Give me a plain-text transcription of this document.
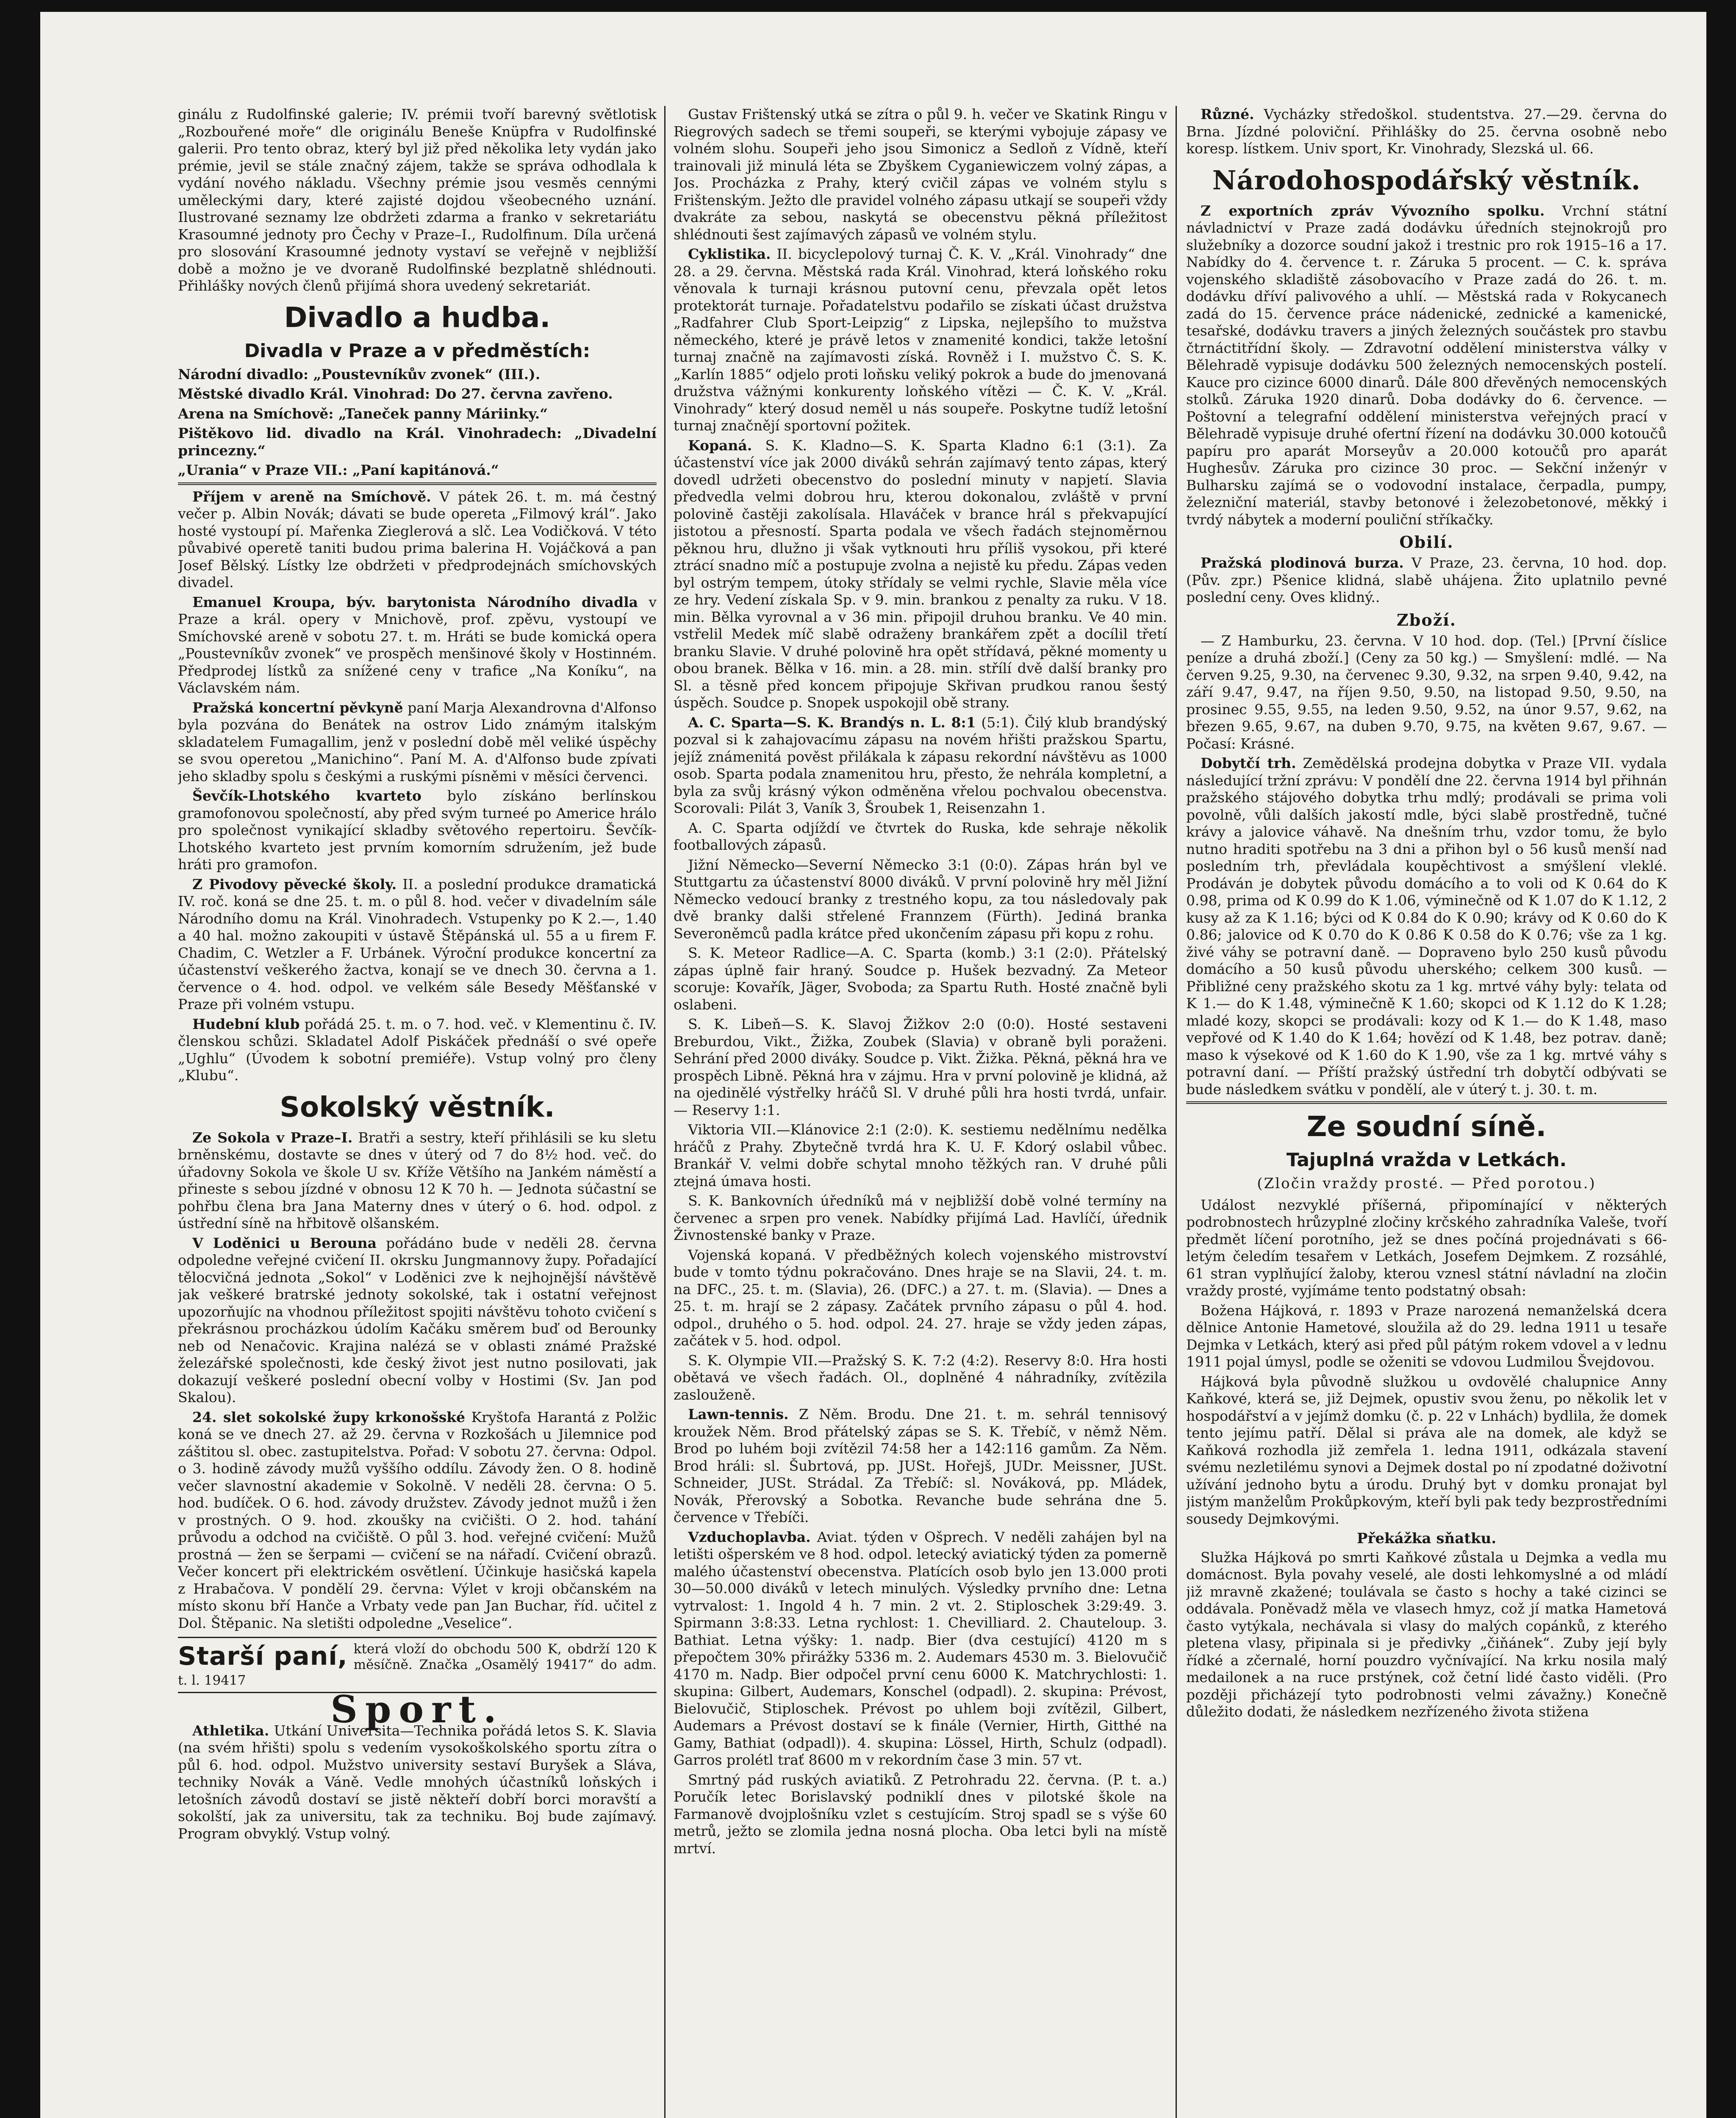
ginálu z Rudolfinské galerie; IV. prémii tvoří barevný světlotisk „Rozbouřené moře“ dle originálu Beneše Knüpfra v Rudolfinské galerii. Pro tento obraz, který byl již před několika lety vydán jako prémie, jevil se stále značný zájem, takže se správa odhodlala k vydání nového nákladu. Všechny prémie jsou vesměs cennými uměleckými dary, které zajisté dojdou všeobecného uznání. Ilustrované seznamy lze obdržeti zdarma a franko v sekretariátu Krasoumné jednoty pro Čechy v Praze–I., Rudolfinum. Díla určená pro slosování Krasoumné jednoty vystaví se veřejně v nejbližší době a možno je ve dvoraně Rudolfinské bezplatně shlédnouti. Přihlášky nových členů přijímá shora uvedený sekretariát.

Divadlo a hudba.
Divadla v Praze a v předměstích:

Národní divadlo: „Poustevníkův zvonek“ (III.).

Městské divadlo Král. Vinohrad: Do 27. června zavřeno.

Arena na Smíchově: „Taneček panny Máriinky.“

Pištěkovo lid. divadlo na Král. Vinohradech: „Divadelní princezny.“

„Urania“ v Praze VII.: „Paní kapitánová.“

Příjem v areně na Smíchově. V pátek 26. t. m. má čestný večer p. Albin Novák; dávati se bude opereta „Filmový král“. Jako hosté vystoupí pí. Mařenka Zieglerová a slč. Lea Vodičková. V této půvabivé operetě taniti budou prima balerina H. Vojáčková a pan Josef Bělský. Lístky lze obdržeti v předprodejnách smíchovských divadel.

Emanuel Kroupa, býv. barytonista Národního divadla v Praze a král. opery v Mnichově, prof. zpěvu, vystoupí ve Smíchovské areně v sobotu 27. t. m. Hráti se bude komická opera „Poustevníkův zvonek“ ve prospěch menšinové školy v Hostinném. Předprodej lístků za snížené ceny v trafice „Na Koníku“, na Václavském nám.

Pražská koncertní pěvkyně paní Marja Alexandrovna d'Alfonso byla pozvána do Benátek na ostrov Lido známým italským skladatelem Fumagallim, jenž v poslední době měl veliké úspěchy se svou operetou „Manichino“. Paní M. A. d'Alfonso bude zpívati jeho skladby spolu s českými a ruskými písněmi v měsíci červenci.

Ševčík-Lhotského kvarteto bylo získáno berlínskou gramofonovou společností, aby před svým turneé po Americe hrálo pro společnost vynikající skladby světového repertoiru. Ševčík-Lhotského kvarteto jest prvním komorním sdružením, jež bude hráti pro gramofon.

Z Pivodovy pěvecké školy. II. a poslední produkce dramatická IV. roč. koná se dne 25. t. m. o půl 8. hod. večer v divadelním sále Národního domu na Král. Vinohradech. Vstupenky po K 2.—, 1.40 a 40 hal. možno zakoupiti v ústavě Štěpánská ul. 55 a u firem F. Chadim, C. Wetzler a F. Urbánek. Výroční produkce koncertní za účastenství veškerého žactva, konají se ve dnech 30. června a 1. července o 4. hod. odpol. ve velkém sále Besedy Měšťanské v Praze při volném vstupu.

Hudební klub pořádá 25. t. m. o 7. hod. več. v Klementinu č. IV. členskou schůzi. Skladatel Adolf Piskáček přednáší o své opeře „Ughlu“ (Úvodem k sobotní premiéře). Vstup volný pro členy „Klubu“.

Sokolský věstník.

Ze Sokola v Praze–I. Bratři a sestry, kteří přihlásili se ku sletu brněnskému, dostavte se dnes v úterý od 7 do 8½ hod. več. do úřadovny Sokola ve škole U sv. Kříže Většího na Jankém náměstí a přineste s sebou jízdné v obnosu 12 K 70 h. — Jednota súčastní se pohřbu člena bra Jana Materny dnes v úterý o 6. hod. odpol. z ústřední síně na hřbitově olšanském.

V Loděnici u Berouna pořádáno bude v neděli 28. června odpoledne veřejné cvičení II. okrsku Jungmannovy župy. Pořadající tělocvičná jednota „Sokol“ v Loděnici zve k nejhojnější návštěvě jak veškeré bratrské jednoty sokolské, tak i ostatní veřejnost upozorňujíc na vhodnou příležitost spojiti návštěvu tohoto cvičení s překrásnou procházkou údolím Kačáku směrem buď od Berounky neb od Nenačovic. Krajina nalézá se v oblasti známé Pražské železářské společnosti, kde český život jest nutno posilovati, jak dokazují veškeré poslední obecní volby v Hostimi (Sv. Jan pod Skalou).

24. slet sokolské župy krkonošské Kryštofa Harantá z Polžic koná se ve dnech 27. až 29. června v Rozkošách u Jilemnice pod záštitou sl. obec. zastupitelstva. Pořad: V sobotu 27. června: Odpol. o 3. hodině závody mužů vyššího oddílu. Závody žen. O 8. hodině večer slavnostní akademie v Sokolně. V neděli 28. června: O 5. hod. budíček. O 6. hod. závody družstev. Závody jednot mužů i žen v prostných. O 9. hod. zkoušky na cvičišti. O 2. hod. tahání průvodu a odchod na cvičiště. O půl 3. hod. veřejné cvičení: Mužů prostná — žen se šerpami — cvičení se na nářadí. Cvičení obrazů. Večer koncert při elektrickém osvětlení. Účinkuje hasičská kapela z Hrabačova. V pondělí 29. června: Výlet v kroji občanském na místo skonu bří Hanče a Vrbaty vede pan Jan Buchar, říd. učitel z Dol. Štěpanic. Na sletišti odpoledne „Veselice“.

Starší paní, která vloží do obchodu 500 K, obdrží 120 K měsíčně. Značka „Osamělý 19417“ do adm. t. l. 19417
Sport.

Athletika. Utkání Universita—Technika pořádá letos S. K. Slavia (na svém hřišti) spolu s vedením vysokoškolského sportu zítra o půl 6. hod. odpol. Mužstvo university sestaví Buryšek a Sláva, techniky Novák a Váně. Vedle mnohých účastníků loňských i letošních závodů dostaví se jistě někteří dobří borci moravští a sokolští, jak za universitu, tak za techniku. Boj bude zajímavý. Program obvyklý. Vstup volný.

Gustav Frištenský utká se zítra o půl 9. h. večer ve Skatink Ringu v Riegrových sadech se třemi soupeři, se kterými vybojuje zápasy ve volném slohu. Soupeři jeho jsou Simonicz a Sedloň z Vídně, kteří trainovali již minulá léta se Zbyškem Cyganiewiczem volný zápas, a Jos. Procházka z Prahy, který cvičil zápas ve volném stylu s Frištenským. Ježto dle pravidel volného zápasu utkají se soupeři vždy dvakráte za sebou, naskytá se obecenstvu pěkná příležitost shlédnouti šest zajímavých zápasů ve volném stylu.

Cyklistika. II. bicyclepolový turnaj Č. K. V. „Král. Vinohrady“ dne 28. a 29. června. Městská rada Král. Vinohrad, která loňského roku věnovala k turnaji krásnou putovní cenu, převzala opět letos protektorát turnaje. Pořadatelstvu podařilo se získati účast družstva „Radfahrer Club Sport-Leipzig“ z Lipska, nejlepšího to mužstva německého, které je právě letos v znamenité kondici, takže letošní turnaj značně na zajímavosti získá. Rovněž i I. mužstvo Č. S. K. „Karlín 1885“ odjelo proti loňsku veliký pokrok a bude do jmenovaná družstva vážnými konkurenty loňského vítězi — Č. K. V. „Král. Vinohrady“ který dosud neměl u nás soupeře. Poskytne tudíž letošní turnaj značnějí sportovní požitek.

Kopaná. S. K. Kladno—S. K. Sparta Kladno 6:1 (3:1). Za účastenství více jak 2000 diváků sehrán zajímavý tento zápas, který dovedl udržeti obecenstvo do poslední minuty v napjetí. Slavia předvedla velmi dobrou hru, kterou dokonalou, zvláště v první polovině častěji zakolísala. Hlaváček v brance hrál s překvapující jistotou a přesností. Sparta podala ve všech řadách stejnoměrnou pěknou hru, dlužno ji však vytknouti hru příliš vysokou, při které ztrácí snadno míč a postupuje zvolna a nejistě ku předu. Zápas veden byl ostrým tempem, útoky střídaly se velmi rychle, Slavie měla více ze hry. Vedení získala Sp. v 9. min. brankou z penalty za ruku. V 18. min. Bělka vyrovnal a v 36 min. připojil druhou branku. Ve 40 min. vstřelil Medek míč slabě odraženy brankářem zpět a docílil třetí branku Slavie. V druhé polovině hra opět střídavá, pěkné momenty u obou branek. Bělka v 16. min. a 28. min. střílí dvě další branky pro Sl. a těsně před koncem připojuje Skřivan prudkou ranou šestý úspěch. Soudce p. Snopek uspokojil obě strany.

A. C. Sparta—S. K. Brandýs n. L. 8:1 (5:1). Čilý klub brandýský pozval si k zahajovacímu zápasu na novém hřišti pražskou Spartu, jejíž známenitá pověst přilákala k zápasu rekordní návštěvu as 1000 osob. Sparta podala znamenitou hru, přesto, že nehrála kompletní, a byla za svůj krásný výkon odměněna vřelou pochvalou obecenstva. Scorovali: Pilát 3, Vaník 3, Šroubek 1, Reisenzahn 1.

A. C. Sparta odjíždí ve čtvrtek do Ruska, kde sehraje několik footballových zápasů.

Jižní Německo—Severní Německo 3:1 (0:0). Zápas hrán byl ve Stuttgartu za účastenství 8000 diváků. V první polovině hry měl Jižní Německo vedoucí branky z trestného kopu, za tou následovaly pak dvě branky dalši střelené Frannzem (Fürth). Jediná branka Severoněmců padla krátce před ukončením zápasu při kopu z rohu.

S. K. Meteor Radlice—A. C. Sparta (komb.) 3:1 (2:0). Přátelský zápas úplně fair hraný. Soudce p. Hušek bezvadný. Za Meteor scoruje: Kovařík, Jäger, Svoboda; za Spartu Ruth. Hosté značně byli oslabeni.

S. K. Libeň—S. K. Slavoj Žižkov 2:0 (0:0). Hosté sestaveni Breburdou, Vikt., Žižka, Zoubek (Slavia) v obraně byli poraženi. Sehrání před 2000 diváky. Soudce p. Vikt. Žižka. Pěkná, pěkná hra ve prospěch Libně. Pěkná hra v zájmu. Hra v první polovině je klidná, až na ojedinělé výstřelky hráčů Sl. V druhé půli hra hosti tvrdá, unfair. — Reservy 1:1.

Viktoria VII.—Klánovice 2:1 (2:0). K. sestiemu nedělnímu nedělka hráčů z Prahy. Zbytečně tvrdá hra K. U. F. Kdorý oslabil vůbec. Brankář V. velmi dobře schytal mnoho těžkých ran. V druhé půli ztejná úmava hosti.

S. K. Bankovních úředníků má v nejbližší době volné termíny na červenec a srpen pro venek. Nabídky přijímá Lad. Havlíčí, úřednik Živnostenské banky v Praze.

Vojenská kopaná. V předběžných kolech vojenského mistrovství bude v tomto týdnu pokračováno. Dnes hraje se na Slavii, 24. t. m. na DFC., 25. t. m. (Slavia), 26. (DFC.) a 27. t. m. (Slavia). — Dnes a 25. t. m. hrají se 2 zápasy. Začátek prvního zápasu o půl 4. hod. odpol., druhého o 5. hod. odpol. 24. 27. hraje se vždy jeden zápas, začátek v 5. hod. odpol.

S. K. Olympie VII.—Pražský S. K. 7:2 (4:2). Reservy 8:0. Hra hosti obětavá ve všech řadách. Ol., doplněné 4 náhradníky, zvítězila zaslouženě.

Lawn-tennis. Z Něm. Brodu. Dne 21. t. m. sehrál tennisový kroužek Něm. Brod přátelský zápas se S. K. Třebíč, v němž Něm. Brod po luhém boji zvítězil 74:58 her a 142:116 gamům. Za Něm. Brod hráli: sl. Šubrtová, pp. JUSt. Hořejš, JUDr. Meissner, JUSt. Schneider, JUSt. Strádal. Za Třebíč: sl. Nováková, pp. Mládek, Novák, Přerovský a Sobotka. Revanche bude sehrána dne 5. července v Třebíči.

Vzduchoplavba. Aviat. týden v Ošprech. V neděli zahájen byl na letišti ošperském ve 8 hod. odpol. letecký aviatický týden za pomerně malého účastenství obecenstva. Platících osob bylo jen 13.000 proti 30—50.000 diváků v letech minulých. Výsledky prvního dne: Letna vytrvalost: 1. Ingold 4 h. 7 min. 2 vt. 2. Stiploschek 3:29:49. 3. Spirmann 3:8:33. Letna rychlost: 1. Chevilliard. 2. Chauteloup. 3. Bathiat. Letna výšky: 1. nadp. Bier (dva cestující) 4120 m s přepočtem 30% přirážky 5336 m. 2. Audemars 4530 m. 3. Bielovučič 4170 m. Nadp. Bier odpočel první cenu 6000 K. Matchrychlosti: 1. skupina: Gilbert, Audemars, Konschel (odpadl). 2. skupina: Prévost, Bielovučič, Stiploschek. Prévost po uhlem boji zvítězil, Gilbert, Audemars a Prévost dostaví se k finále (Vernier, Hirth, Gitthé na Gamy, Bathiat (odpadl)). 4. skupina: Lössel, Hirth, Schulz (odpadl). Garros prolétl trať 8600 m v rekordním čase 3 min. 57 vt.

Smrtný pád ruských aviatiků. Z Petrohradu 22. června. (P. t. a.) Poručík letec Borislavský podniklí dnes v pilotské škole na Farmanově dvojplošníku vzlet s cestujícím. Stroj spadl se s výše 60 metrů, ježto se zlomila jedna nosná plocha. Oba letci byli na místě mrtví.

Různé. Vycházky středoškol. studentstva. 27.—29. června do Brna. Jízdné poloviční. Přihlášky do 25. června osobně nebo koresp. lístkem. Univ sport, Kr. Vinohrady, Slezská ul. 66.

Národohospodářský věstník.

Z exportních zpráv Vývozního spolku. Vrchní státní návladnictví v Praze zadá dodávku úředních stejnokrojů pro služebníky a dozorce soudní jakož i trestnic pro rok 1915–16 a 17. Nabídky do 4. července t. r. Záruka 5 procent. — C. k. správa vojenského skladiště zásobovacího v Praze zadá do 26. t. m. dodávku dříví palivového a uhlí. — Městská rada v Rokycanech zadá do 15. července práce nádenické, zednické a kamenické, tesařské, dodávku travers a jiných železných součástek pro stavbu čtrnáctitřídní školy. — Zdravotní oddělení ministerstva války v Bělehradě vypisuje dodávku 500 železných nemocenských postelí. Kauce pro cizince 6000 dinarů. Dále 800 dřevěných nemocenských stolků. Záruka 1920 dinarů. Doba dodávky do 6. července. — Poštovní a telegrafní oddělení ministerstva veřejných prací v Bělehradě vypisuje druhé ofertní řízení na dodávku 30.000 kotoučů papíru pro aparát Morseyův a 20.000 kotoučů pro aparát Hughesův. Záruka pro cizince 30 proc. — Sekční inženýr v Bulharsku zajímá se o vodovodní instalace, čerpadla, pumpy, železniční materiál, stavby betonové i železobetonové, měkký i tvrdý nábytek a moderní pouliční stříkačky.

Obilí.

Pražská plodinová burza. V Praze, 23. června, 10 hod. dop. (Pův. zpr.) Pšenice klidná, slabě uhájena. Žito uplatnilo pevné poslední ceny. Oves klidný..

Zboží.

— Z Hamburku, 23. června. V 10 hod. dop. (Tel.) [První číslice peníze a druhá zboží.] (Ceny za 50 kg.) — Smyšlení: mdlé. — Na červen 9.25, 9.30, na červenec 9.30, 9.32, na srpen 9.40, 9.42, na září 9.47, 9.47, na říjen 9.50, 9.50, na listopad 9.50, 9.50, na prosinec 9.55, 9.55, na leden 9.50, 9.52, na únor 9.57, 9.62, na březen 9.65, 9.67, na duben 9.70, 9.75, na květen 9.67, 9.67. — Počasí: Krásné.

Dobytčí trh. Zemědělská prodejna dobytka v Praze VII. vydala následující tržní zprávu: V pondělí dne 22. června 1914 byl přihnán pražského stájového dobytka trhu mdlý; prodávali se prima voli povolně, vůli dalších jakostí mdle, býci slabě prostředně, tučné krávy a jalovice váhavě. Na dnešním trhu, vzdor tomu, že bylo nutno hraditi spotřebu na 3 dni a přihon byl o 56 kusů menší nad posledním trh, převládala koupěchtivost a smýšlení vleklé. Prodáván je dobytek původu domácího a to voli od K 0.64 do K 0.98, prima od K 0.99 do K 1.06, výminečně od K 1.07 do K 1.12, 2 kusy až za K 1.16; býci od K 0.84 do K 0.90; krávy od K 0.60 do K 0.86; jalovice od K 0.70 do K 0.86 K 0.58 do K 0.76; vše za 1 kg. živé váhy se potravní daně. — Dopraveno bylo 250 kusů původu domácího a 50 kusů původu uherského; celkem 300 kusů. — Přibližné ceny pražského skotu za 1 kg. mrtvé váhy byly: telata od K 1.— do K 1.48, výminečně K 1.60; skopci od K 1.12 do K 1.28; mladé kozy, skopci se prodávali: kozy od K 1.— do K 1.48, maso vepřové od K 1.40 do K 1.64; hovězí od K 1.48, bez potrav. daně; maso k výsekové od K 1.60 do K 1.90, vše za 1 kg. mrtvé váhy s potravní daní. — Příští pražský ústřední trh dobytčí odbývati se bude následkem svátku v pondělí, ale v úterý t. j. 30. t. m.

Ze soudní síně.
Tajuplná vražda v Letkách.
(Zločin vraždy prosté. — Před porotou.)

Událost nezvyklé příšerná, připomínající v některých podrobnostech hrůzyplné zločiny krčského zahradníka Valeše, tvoří předmět líčení porotního, jež se dnes počíná projednávati s 66-letým čeledím tesařem v Letkách, Josefem Dejmkem. Z rozsáhlé, 61 stran vyplňující žaloby, kterou vznesl státní návladní na zločin vraždy prosté, vyjímáme tento podstatný obsah:

Božena Hájková, r. 1893 v Praze narozená nemanželská dcera dělnice Antonie Hametové, sloužila až do 29. ledna 1911 u tesaře Dejmka v Letkách, který asi před půl pátým rokem vdovel a v lednu 1911 pojal úmysl, podle se oženiti se vdovou Ludmilou Švejdovou.

Hájková byla původně služkou u ovdovělé chalupnice Anny Kaňkové, která se, již Dejmek, opustiv svou ženu, po několik let v hospodářství a v jejímž domku (č. p. 22 v Lnhách) bydlila, že domek tento jejímu patří. Dělal si práva ale na domek, ale když se Kaňková rozhodla již zemřela 1. ledna 1911, odkázala stavení svému nezletilému synovi a Dejmek dostal po ní zpodatné doživotní užívání jednoho bytu a úrodu. Druhý byt v domku pronajat byl jistým manželům Prokůpkovým, kteří byli pak tedy bezprostředními sousedy Dejmkovými.

Překážka sňatku.

Služka Hájková po smrti Kaňkové zůstala u Dejmka a vedla mu domácnost. Byla povahy veselé, ale dosti lehkomyslné a od mládí již mravně zkažené; toulávala se často s hochy a také cizinci se oddávala. Poněvadž měla ve vlasech hmyz, což jí matka Hametová často vytýkala, nechávala si vlasy do malých copánků, z kterého pletena vlasy, připinala si je předivky „čiňánek“. Zuby její byly řídké a zčernalé, horní pouzdro vyčnívající. Na krku nosila malý medailonek a na ruce prstýnek, což četní lidé často viděli. (Pro později přicházejí tyto podrobnosti velmi závažny.) Konečně důležito dodati, že následkem nezřízeného života stižena
